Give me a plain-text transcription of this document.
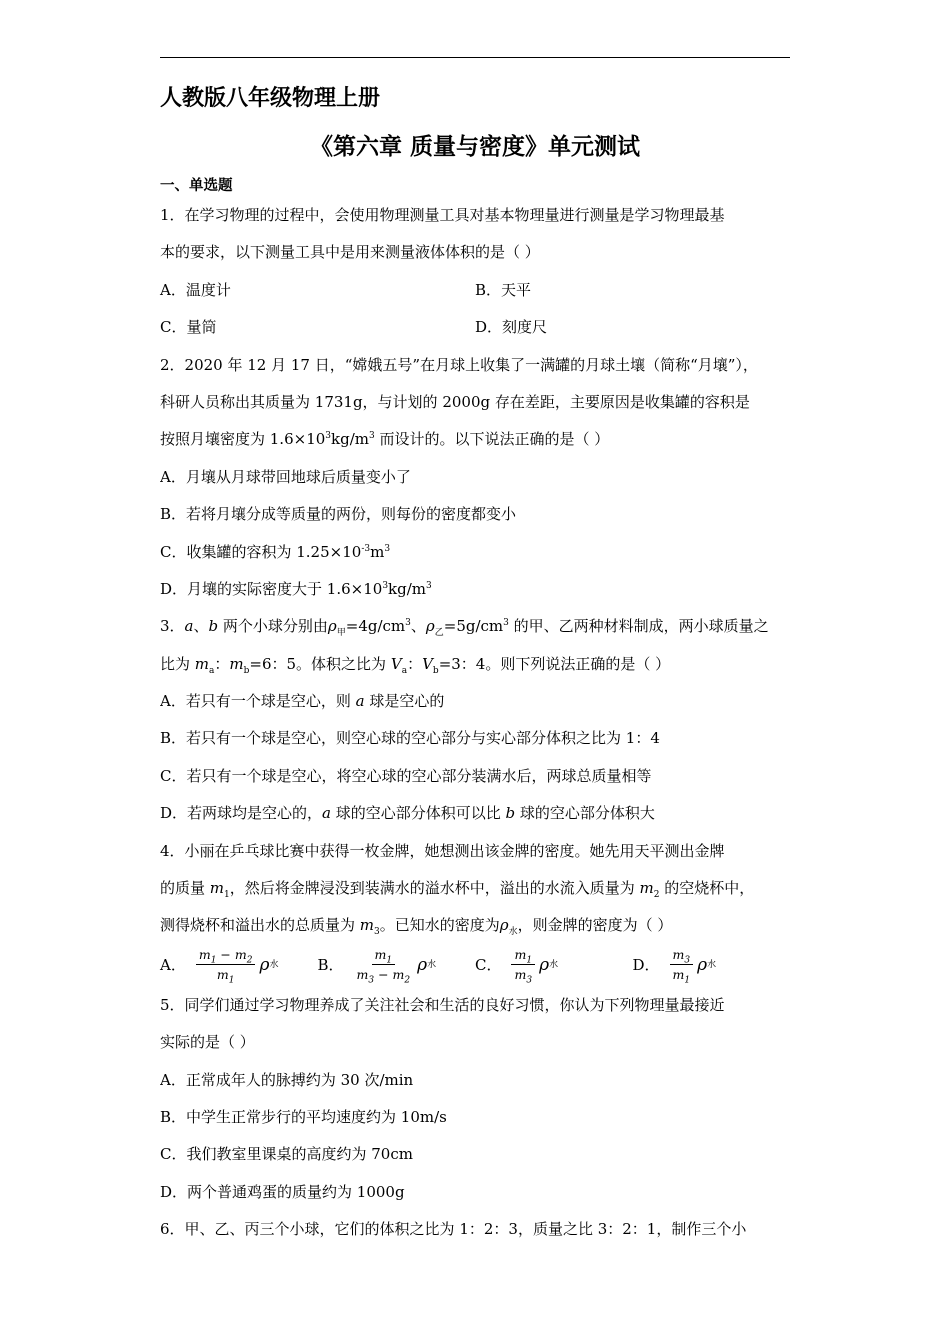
人教版八年级物理上册
《第六章 质量与密度》单元测试
一、单选题
1．在学习物理的过程中，会使用物理测量工具对基本物理量进行测量是学习物理最基
本的要求，以下测量工具中是用来测量液体体积的是（ ）
A．温度计	B．天平
C．量筒	D．刻度尺
2．2020 年 12 月 17 日，“嫦娥五号”在月球上收集了一满罐的月球土壤（简称“月壤”），
科研人员称出其质量为 1731g，与计划的 2000g 存在差距，主要原因是收集罐的容积是
按照月壤密度为 $1.6\times 10^3kg/m^3$ 而设计的。以下说法正确的是（ ）
A．月壤从月球带回地球后质量变小了
B．若将月壤分成等质量的两份，则每份的密度都变小
C．收集罐的容积为 $1.25\times 10^{-3}m^3$
D．月壤的实际密度大于 $1.6\times 10^3kg/m^3$
3．a、b 两个小球分别由$\rho_甲=4g/cm^3$、$\rho_乙=5g/cm^3$ 的甲、乙两种材料制成，两小球质量之
比为 $m_a$：$m_b=6$：5。体积之比为 $V_a$：$V_b=3$：4。则下列说法正确的是（ ）
A．若只有一个球是空心，则 a 球是空心的
B．若只有一个球是空心，则空心球的空心部分与实心部分体积之比为 1：4
C．若只有一个球是空心，将空心球的空心部分装满水后，两球总质量相等
D．若两球均是空心的，a 球的空心部分体积可以比 b 球的空心部分体积大
4．小丽在乒乓球比赛中获得一枚金牌，她想测出该金牌的密度。她先用天平测出金牌
的质量 $m_1$，然后将金牌浸没到装满水的溢水杯中，溢出的水流入质量为 $m_2$ 的空烧杯中，
测得烧杯和溢出水的总质量为 $m_3$。已知水的密度为$\rho_水$，则金牌的密度为（ ）
A． $\frac{m_1 - m_2}{m_1}$ ρ 水	B． $\frac{m_1}{m_3 - m_2}$ ρ 水	C． $\frac{m_1}{m_3}$ ρ 水	D． $\frac{m_3}{m_1}$ ρ 水
5．同学们通过学习物理养成了关注社会和生活的良好习惯，你认为下列物理量最接近
实际的是（ ）
A．正常成年人的脉搏约为 30 次/min
B．中学生正常步行的平均速度约为 10m/s
C．我们教室里课桌的高度约为 70cm
D．两个普通鸡蛋的质量约为 1000g
6．甲、乙、丙三个小球，它们的体积之比为 1：2：3，质量之比 3：2：1，制作三个小
